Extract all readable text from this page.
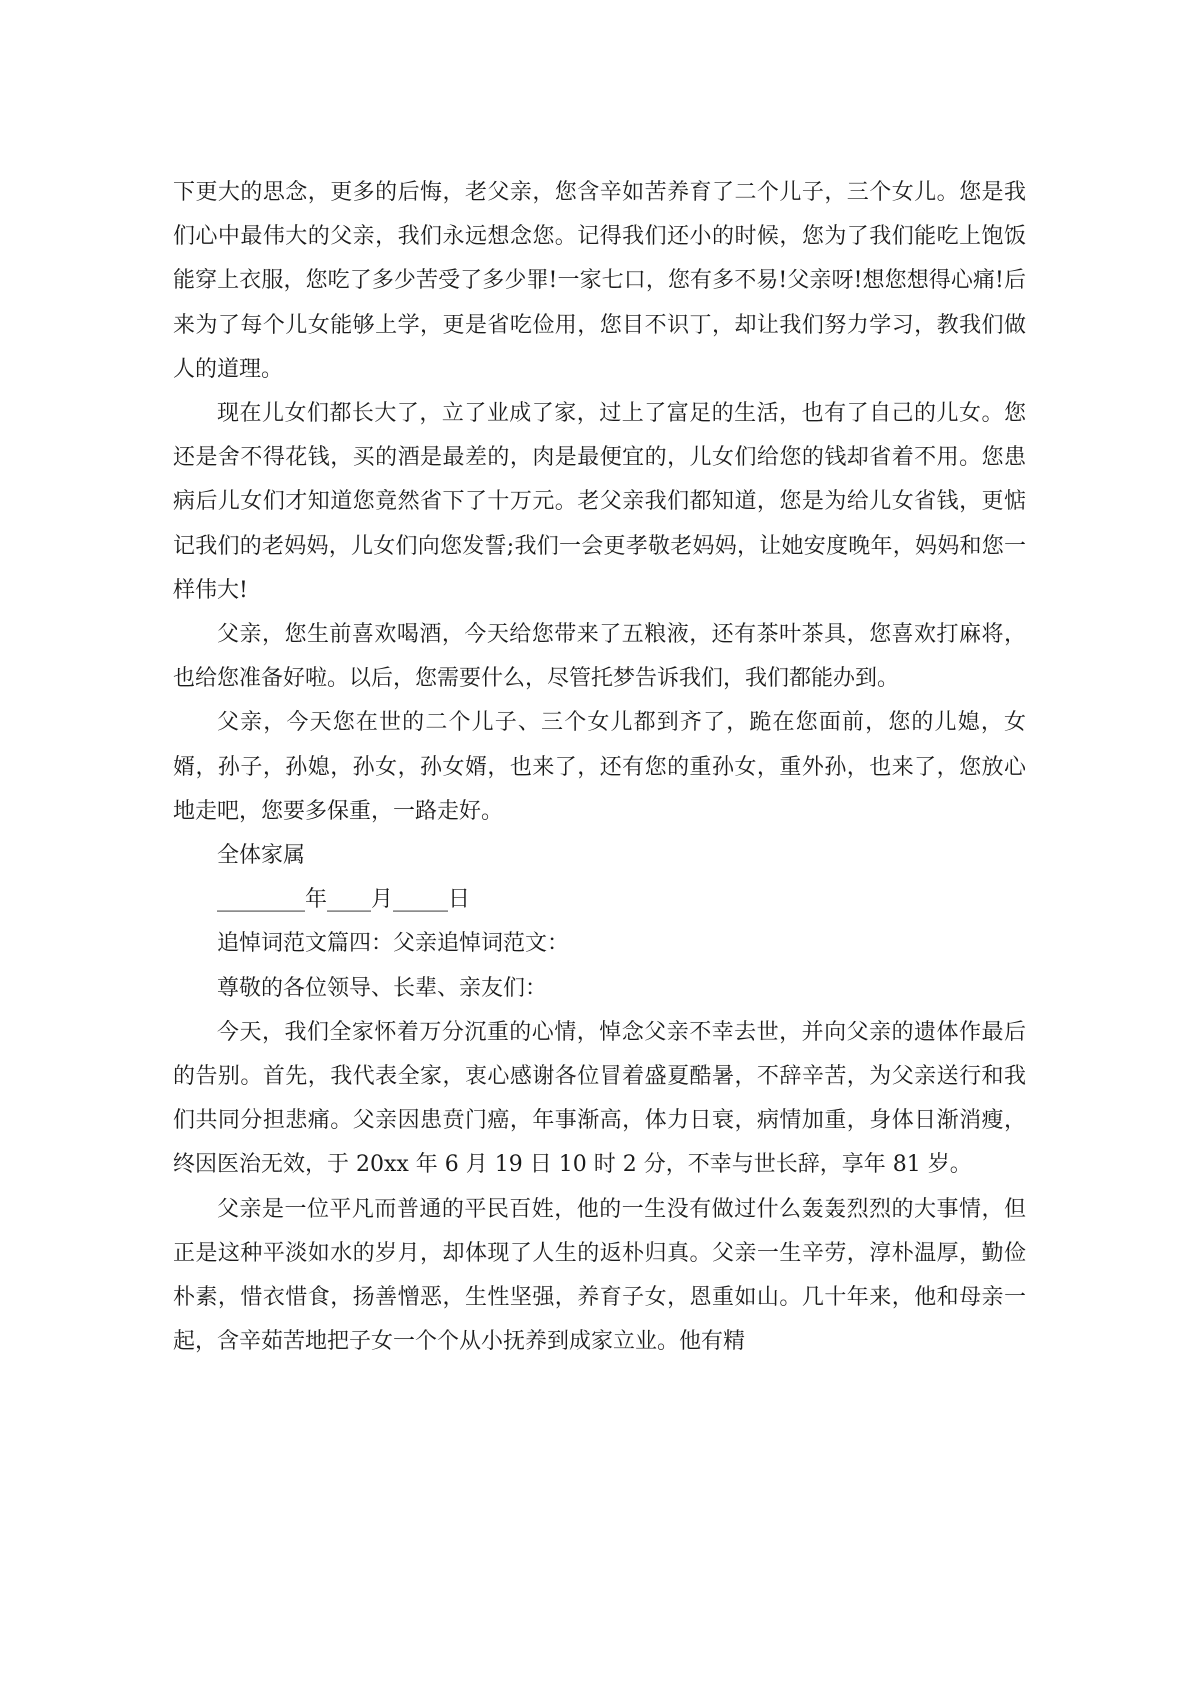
下更大的思念，更多的后悔，老父亲，您含辛如苦养育了二个儿子，三个女儿。您是我们心中最伟大的父亲，我们永远想念您。记得我们还小的时候，您为了我们能吃上饱饭能穿上衣服，您吃了多少苦受了多少罪!一家七口，您有多不易!父亲呀!想您想得心痛!后来为了每个儿女能够上学，更是省吃俭用，您目不识丁，却让我们努力学习，教我们做人的道理。

现在儿女们都长大了，立了业成了家，过上了富足的生活，也有了自己的儿女。您还是舍不得花钱，买的酒是最差的，肉是最便宜的，儿女们给您的钱却省着不用。您患病后儿女们才知道您竟然省下了十万元。老父亲我们都知道，您是为给儿女省钱，更惦记我们的老妈妈，儿女们向您发誓;我们一会更孝敬老妈妈，让她安度晚年，妈妈和您一样伟大!

父亲，您生前喜欢喝酒，今天给您带来了五粮液，还有茶叶茶具，您喜欢打麻将，也给您准备好啦。以后，您需要什么，尽管托梦告诉我们，我们都能办到。

父亲，今天您在世的二个儿子、三个女儿都到齐了，跪在您面前，您的儿媳，女婿，孙子，孙媳，孙女，孙女婿，也来了，还有您的重孙女，重外孙，也来了，您放心地走吧，您要多保重，一路走好。

全体家属

________年____月_____日

追悼词范文篇四：父亲追悼词范文：

尊敬的各位领导、长辈、亲友们：

今天，我们全家怀着万分沉重的心情，悼念父亲不幸去世，并向父亲的遗体作最后的告别。首先，我代表全家，衷心感谢各位冒着盛夏酷暑，不辞辛苦，为父亲送行和我们共同分担悲痛。父亲因患贲门癌，年事渐高，体力日衰，病情加重，身体日渐消瘦，终因医治无效，于 20xx 年 6 月 19 日 10 时 2 分，不幸与世长辞，享年 81 岁。

父亲是一位平凡而普通的平民百姓，他的一生没有做过什么轰轰烈烈的大事情，但正是这种平淡如水的岁月，却体现了人生的返朴归真。父亲一生辛劳，淳朴温厚，勤俭朴素，惜衣惜食，扬善憎恶，生性坚强，养育子女，恩重如山。几十年来，他和母亲一起，含辛茹苦地把子女一个个从小抚养到成家立业。他有精
